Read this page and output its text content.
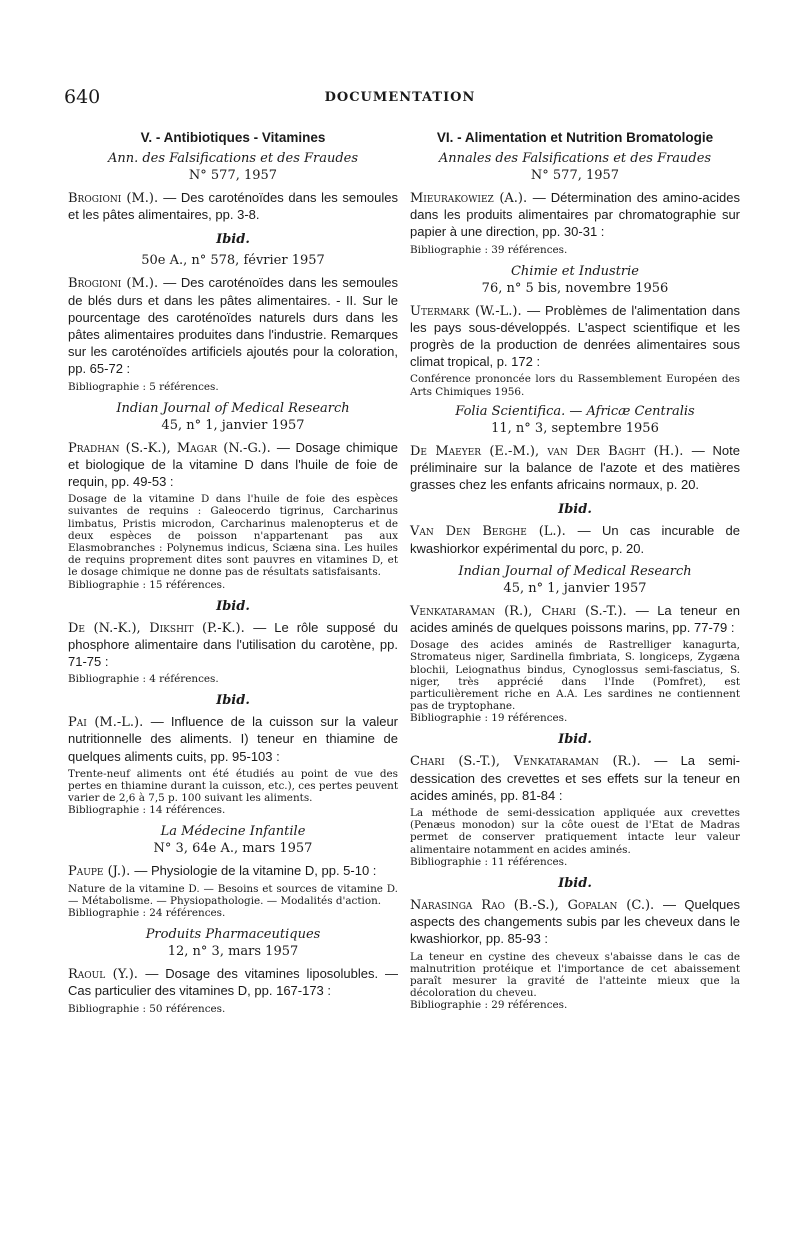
640	DOCUMENTATION
V. - Antibiotiques - Vitamines
Ann. des Falsifications et des Fraudes
N° 577, 1957
Brogioni (M.). — Des caroténoïdes dans les semoules et les pâtes alimentaires, pp. 3-8.
Ibid.
50e A., n° 578, février 1957
Brogioni (M.). — Des caroténoïdes dans les semoules de blés durs et dans les pâtes alimentaires. - II. Sur le pourcentage des caroténoïdes naturels durs dans les pâtes alimentaires produites dans l'industrie. Remarques sur les caroténoïdes artificiels ajoutés pour la coloration, pp. 65-72 :
Bibliographie : 5 références.
Indian Journal of Medical Research
45, n° 1, janvier 1957
Pradhan (S.-K.), Magar (N.-G.). — Dosage chimique et biologique de la vitamine D dans l'huile de foie de requin, pp. 49-53 :
Dosage de la vitamine D dans l'huile de foie des espèces suivantes de requins : Galeocerdo tigrinus, Carcharinus limbatus, Pristis microdon, Carcharinus malenopterus et de deux espèces de poisson n'appartenant pas aux Elasmobranches : Polynemus indicus, Sciæna sina. Les huiles de requins proprement dites sont pauvres en vitamines D, et le dosage chimique ne donne pas de résultats satisfaisants.
Bibliographie : 15 références.
Ibid.
De (N.-K.), Dikshit (P.-K.). — Le rôle supposé du phosphore alimentaire dans l'utilisation du carotène, pp. 71-75 :
Bibliographie : 4 références.
Ibid.
Pai (M.-L.). — Influence de la cuisson sur la valeur nutritionnelle des aliments. I) teneur en thiamine de quelques aliments cuits, pp. 95-103 :
Trente-neuf aliments ont été étudiés au point de vue des pertes en thiamine durant la cuisson, etc.), ces pertes peuvent varier de 2,6 à 7,5 p. 100 suivant les aliments.
Bibliographie : 14 références.
La Médecine Infantile
N° 3, 64e A., mars 1957
Paupe (J.). — Physiologie de la vitamine D, pp. 5-10 :
Nature de la vitamine D. — Besoins et sources de vitamine D. — Métabolisme. — Physiopathologie. — Modalités d'action.
Bibliographie : 24 références.
Produits Pharmaceutiques
12, n° 3, mars 1957
Raoul (Y.). — Dosage des vitamines liposolubles. — Cas particulier des vitamines D, pp. 167-173 :
Bibliographie : 50 références.
VI. - Alimentation et Nutrition Bromatologie
Annales des Falsifications et des Fraudes
N° 577, 1957
Mieurakowiez (A.). — Détermination des amino-acides dans les produits alimentaires par chromatographie sur papier à une direction, pp. 30-31 :
Bibliographie : 39 références.
Chimie et Industrie
76, n° 5 bis, novembre 1956
Utermark (W.-L.). — Problèmes de l'alimentation dans les pays sous-développés. L'aspect scientifique et les progrès de la production de denrées alimentaires sous climat tropical, p. 172 :
Conférence prononcée lors du Rassemblement Européen des Arts Chimiques 1956.
Folia Scientifica. — Africæ Centralis
11, n° 3, septembre 1956
De Maeyer (E.-M.), van Der Baght (H.). — Note préliminaire sur la balance de l'azote et des matières grasses chez les enfants africains normaux, p. 20.
Ibid.
Van Den Berghe (L.). — Un cas incurable de kwashiorkor expérimental du porc, p. 20.
Indian Journal of Medical Research
45, n° 1, janvier 1957
Venkataraman (R.), Chari (S.-T.). — La teneur en acides aminés de quelques poissons marins, pp. 77-79 :
Dosage des acides aminés de Rastrelliger kanagurta, Stromateus niger, Sardinella fimbriata, S. longiceps, Zygæna blochii, Leiognathus bindus, Cynoglossus semi-fasciatus, S. niger, très apprécié dans l'Inde (Pomfret), est particulièrement riche en A.A. Les sardines ne contiennent pas de tryptophane.
Bibliographie : 19 références.
Ibid.
Chari (S.-T.), Venkataraman (R.). — La semi-dessication des crevettes et ses effets sur la teneur en acides aminés, pp. 81-84 :
La méthode de semi-dessication appliquée aux crevettes (Penæus monodon) sur la côte ouest de l'Etat de Madras permet de conserver pratiquement intacte leur valeur alimentaire notamment en acides aminés.
Bibliographie : 11 références.
Ibid.
Narasinga Rao (B.-S.), Gopalan (C.). — Quelques aspects des changements subis par les cheveux dans le kwashiorkor, pp. 85-93 :
La teneur en cystine des cheveux s'abaisse dans le cas de malnutrition protéique et l'importance de cet abaissement paraît mesurer la gravité de l'atteinte mieux que la décoloration du cheveu.
Bibliographie : 29 références.
